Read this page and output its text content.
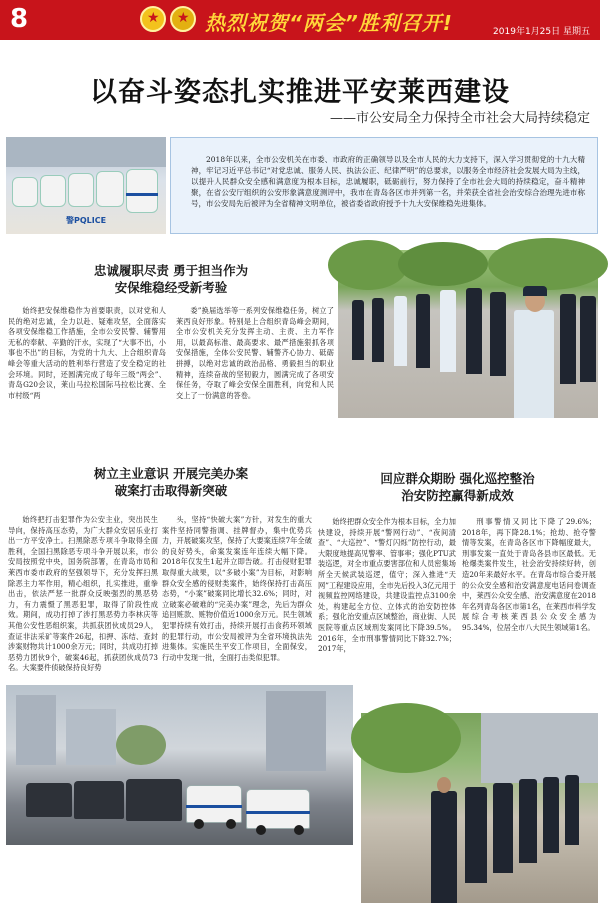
8 ★ ★	热烈祝贺“两会”胜利召开!	2019年1月25日 星期五
以奋斗姿态扎实推进平安莱西建设
——市公安局全力保持全市社会大局持续稳定
警PQLICE
2018年以来，全市公安机关在市委、市政府的正确领导以及全市人民的大力支持下，深入学习贯彻党的十九大精神，牢记习近平总书记“对党忠诚、服务人民、执法公正、纪律严明”的总要求，以服务全市经济社会发展大局为主线，以提升人民群众安全感和满意度为根本目标，忠诚履职，砥砺前行，努力保持了全市社会大局的持续稳定，奋斗精神聚，在省公安厅组织的公安形象满意度测评中，我市在青岛各区市并列第一名，并荣获全省社会治安综合治理先进市称号，市公安局先后被评为全省精神文明单位，被省委省政府授予十九大安保维稳先进集体。
忠诚履职尽责 勇于担当作为
安保维稳经受新考验
始终把安保维稳作为首要职责，以对党和人民的绝对忠诚，全力以赴、疑难攻坚，全面落实各项安保维稳工作措施，全市公安民警、辅警用无私的奉献、辛勤的汗水，实现了“大事不出，小事也不出”的目标，为党的十九大、上合组织青岛峰会等重大活动的胜利举行营造了安全稳定的社会环境。同时，还圆满完成了每年三级“两会”、青岛G20会议，莱山马拉松国际马拉松比赛、全市村级“两
委”换届选举等一系列安保维稳任务，树立了莱西良好形象。特别是上合组织青岛峰会期间，全市公安机关充分发挥主动、主责、主力军作用，以最高标准、最高要求、最严措施狠抓各项安保措施，全体公安民警、辅警齐心协力、砥砺拼搏，以绝对忠诚的政治品格、勇毅担当的职业精神，连续奋战的坚韧毅力，圆满完成了各项安保任务，夺取了峰会安保全面胜利，向党和人民交上了一份满意的答卷。
树立主业意识 开展完美办案
破案打击取得新突破
始终把打击犯罪作为公安主业，突出民生导向，保持高压态势，为广大群众安居乐业打出一方平安净土。扫黑除恶专项斗争取得全面胜利，全国扫黑除恶专项斗争开展以来，市公安局按照党中央，国务院部署，在青岛市局和莱西市委市政府的坚强领导下，充分发挥扫黑除恶主力军作用，精心组织，扎实推进，重拳出击，依法严惩一批群众反映强烈的黑恶势力，有力震慑了黑恶犯罪，取得了阶段性成效。期间，成功打掉了涉打黑恶势力李林庆等其他公安性恶组织案，共抓获团伙成员29人，查证非法采矿等案件26起，扣押、冻结、查封涉案财物共计1000余万元；同时，共成功打掉恶势力团伙9个，破案46起，抓获团伙成员73名。大案要件侦破保持良好势
头，坚持“快破大案”方针，对发生的重大案件坚持同警指调、挂牌督办，集中优势兵力，开展破案攻坚，保持了大要案连续7年全破的良好势头，命案发案连年连续大幅下降。2018年仅发生1起并立即告破。打击侵财犯罪取得重大战果，以“多破小案”为目标，对影响群众安全感的侵财类案件，始终保持打击高压态势，“小案”破案同比增长32.6%；同时，对立破案必破难的“完美办案”理念，先后为群众追回赃款、赃物价值近1000余万元。民生领域犯罪持续有效打击，持续开展打击食药环领域的犯罪行动，市公安局被评为全省环境执法先进集体。实施民生平安工作项目，全面保安，行动中发现一批，全面打击类似犯罪。
回应群众期盼 强化巡控整治
治安防控赢得新成效
始终把群众安全作为根本目标，全力加快建设，持续开展“警网行动”、“夜间清查”、“大巡控”、“警灯闪烁”防控行动，最大限度地提高见警率、管事率；强化PTU武装巡逻，对全市重点要害部位和人员密集场所全天候武装巡逻，值守；深入推进“天网”工程建设应用，全市先后投入3亿元用于视频监控网络建设，共建设监控点3100余处，构建起全方位、立体式的治安防控体系；强化治安重点区域整治，商业街、人民医院等重点区域刑发案同比下降39.5%。2016年，全市刑事警情同比下降32.7%；2017年，
刑事警情又同比下降了29.6%；2018年，再下降28.1%；抢劫、抢夺警情等发案，在青岛各区市下降幅度最大，刑事发案一直处于青岛各县市区最低。无枪爆类案件发生，社会治安持续好转，创造20年来最好水平。在青岛市综合委开展的公众安全感和治安满意度电话问卷调查中，莱西公众安全感、治安满意度在2018年名列青岛各区市第1名，在莱西市科学发展综合考核莱西县公众安全感为95.34%，位居全市八大民生领域第1名。
